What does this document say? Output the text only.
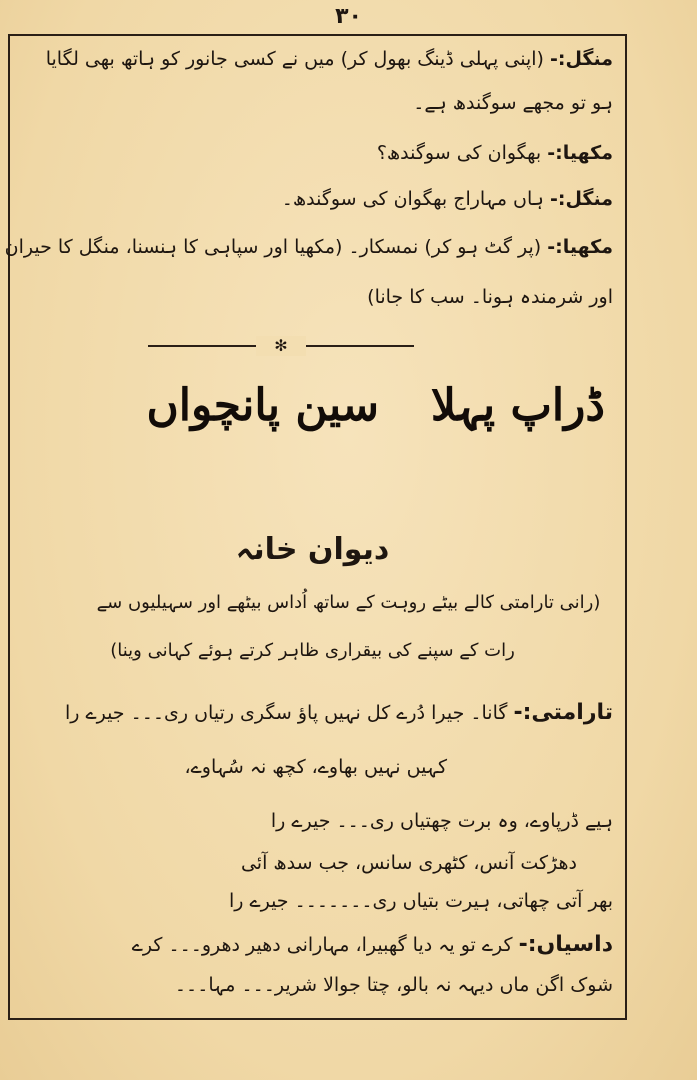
۳۰
منگل:- (اپنی پہلی ڈینگ بھول کر) میں نے کسی جانور کو ہاتھ بھی لگایا
ہو تو مجھے سوگندھ ہے۔
مکھیا:- بھگوان کی سوگندھ؟
منگل:- ہاں مہاراج بھگوان کی سوگندھ۔
مکھیا:- (پر گٹ ہو کر) نمسکار۔ (مکھیا اور سپاہی کا ہنسنا، منگل کا حیران
اور شرمندہ ہونا۔ سب کا جانا)
✻
ڈراپ پہلا
سین پانچواں
دیوان خانہ
(رانی تارامتی کالے بیٹے روہت کے ساتھ اُداس بیٹھے اور سہیلیوں سے
رات کے سپنے کی بیقراری ظاہر کرتے ہوئے کہانی وینا)
تارامتی:- گانا۔ جیرا دُرے کل نہیں پاؤ سگری رتیاں ری۔۔۔ جیرے را
کہیں نہیں بھاوے، کچھ نہ سُہاوے،
ہیے ڈرپاوے، وہ برت چھتیاں ری۔۔۔ جیرے را
دھڑکت آنس، کٹھری سانس، جب سدھ آئی
بھر آتی چھاتی، ہیرت بتیاں ری۔۔۔۔۔۔۔ جیرے را
داسیاں:- کرے تو یہ دیا گھبیرا، مہارانی دھیر دھرو۔۔۔ کرے
شوک اگن ماں دیہہ نہ بالو، چتا جوالا شریر۔۔۔ مہا۔۔۔
